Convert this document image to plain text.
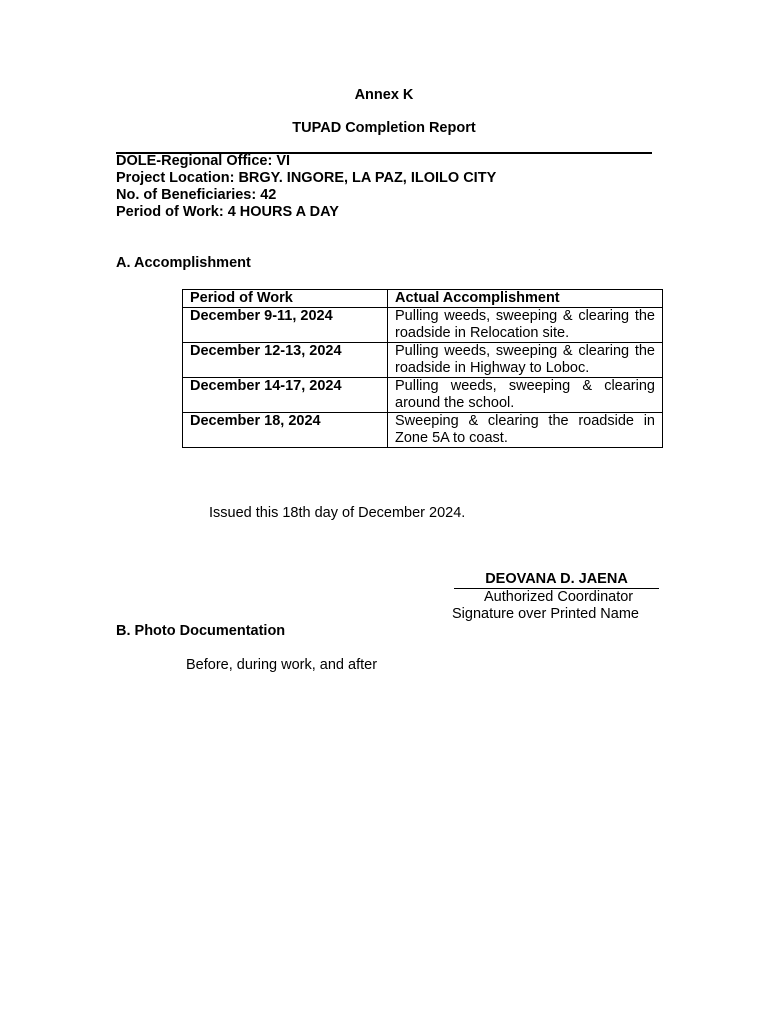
Annex K

TUPAD Completion Report

DOLE-Regional Office: VI
Project Location: BRGY. INGORE, LA PAZ, ILOILO CITY
No. of Beneficiaries: 42
Period of Work: 4 HOURS A DAY

A. Accomplishment

Period of Work	Actual Accomplishment
December 9-11, 2024	Pulling weeds, sweeping & clearing the roadside in Relocation site.
December 12-13, 2024	Pulling weeds, sweeping & clearing the roadside in Highway to Loboc.
December 14-17, 2024	Pulling weeds, sweeping & clearing around the school.
December 18, 2024	Sweeping & clearing the roadside in Zone 5A to coast.

Issued this 18th day of December 2024.

DEOVANA D. JAENA
Authorized Coordinator
Signature over Printed Name

B. Photo Documentation

Before, during work, and after
